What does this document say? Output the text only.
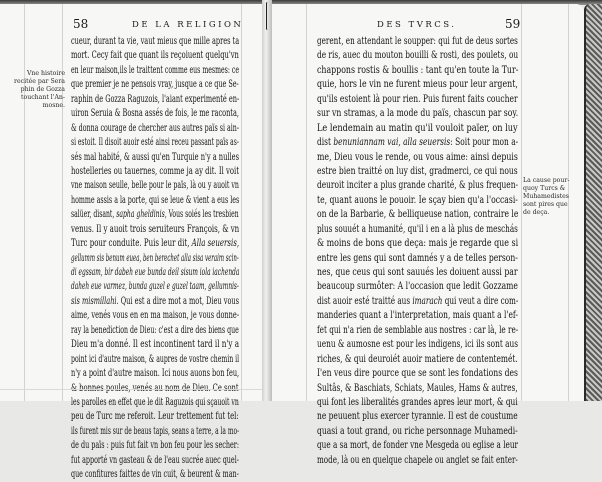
58	DE LA RELIGION	DES TVRCS.	59
Vne histoire
recitée par Sera
phin de Gozza
touchant l'An-
mosne.
La cause pour-
quoy Turcs &
Muhamedistes
sont pires que
de deça.
cueur, durant ta vie, vaut mieus que mille apres ta
mort. Cecy fait que quant ils reçoiuent quelqu'vn
en leur maison,ils le traittent comme eus mesmes: ce
que premier je ne pensois vray, jusque a ce que Se-
raphin de Gozza Raguzois, l'aiant experimenté en-
uiron Seruia & Bosna assés de fois, le me raconta,
& donna courage de chercher aus autres païs si ain-
si estoit. Il disoit auoir esté ainsi receu passant païs as-
sés mal habité, & aussi qu'en Turquie n'y a nulles
hostelleries ou tauernes, comme ja ay dit. Il voit
vne maison seulle, belle pour le païs, là ou y auoit vn
homme assis a la porte, qui se leue & vient a eus les
salüer, disant, sapha gheldinis, Vous soiés les tresbien
venus. Il y auoit trois seruiteurs François, & vn
Turc pour conduite. Puis leur dit, Alla seuersis,
gellumm sis benum euea, ben berechet alla sisa veraim scin-
di egssam, bir dabeh eue bunda deil sisum iola iachenda
daheh eue varmez, bunda guzel e guzel taam, gellumnis-
sis mismillahi. Qui est a dire mot a mot, Dieu vous
aime, venés vous en en ma maison, je vous donne-
ray la benediction de Dieu: c'est a dire des biens que
Dieu m'a donné. Il est incontinent tard il n'y a
point ici d'autre maison, & aupres de vostre chemin il
n'y a point d'autre maison. Ici nous auons bon feu,
& bonnes poules, venés au nom de Dieu. Ce sont
les parolles en effet que le dit Raguzois qui sçauoit vn
peu de Turc me referoit. Leur trettement fut tel:
ils furent mis sur de beaus tapis, seans a terre, a la mo-
de du païs : puis fut fait vn bon feu pour les secher:
fut apporté vn gasteau & de l'eau sucrée auec quel-
que confitures faittes de vin cuit, & beurent & man-
gerent, en attendant le soupper: qui fut de deus sortes
de ris, auec du mouton bouilli & rosti, des poulets, ou
chappons rostis & boullis : tant qu'en toute la Tur-
quie, hors le vin ne furent mieus pour leur argent,
qu'ils estoient là pour rien. Puis furent faits coucher
sur vn stramas, a la mode du païs, chascun par soy.
Le lendemain au matin qu'il vouloit païer, on luy
dist benuniannam vai, alla seuersis: Soit pour mon a-
me, Dieu vous le rende, ou vous aime: ainsi depuis
estre bien traitté on luy dist, gradmerci, ce qui nous
deuroit inciter a plus grande charité, & plus frequen-
te, quant auons le pouoir. Ie sçay bien qu'a l'occasi-
on de la Barbarie, & belliqueuse nation, contraire le
plus souuét a humanité, qu'il i en a là plus de meschás
& moins de bons que deça: mais je regarde que si
entre les gens qui sont damnés y a de telles person-
nes, que ceus qui sont sauués les doiuent aussi par
beaucoup surmôter: A l'occasion que ledit Gozzame
dist auoir esté traitté aus imarach qui veut a dire com-
manderies quant a l'interpretation, mais quant a l'ef-
fet qui n'a rien de semblable aus nostres : car là, le re-
uenu & aumosne est pour les indigens, ici ils sont aus
riches, & qui deuroiét auoir matiere de contentemét.
I'en veus dire pource que se sont les fondations des
Sultâs, & Baschiats, Schiats, Maules, Hams & autres,
qui font les liberalités grandes apres leur mort, & qui
ne peuuent plus exercer tyrannie. Il est de coustume
quasi a tout grand, ou riche personnage Muhamedi-
que a sa mort, de fonder vne Mesgeda ou eglise a leur
mode, là ou en quelque chapele ou anglet se fait enter-
